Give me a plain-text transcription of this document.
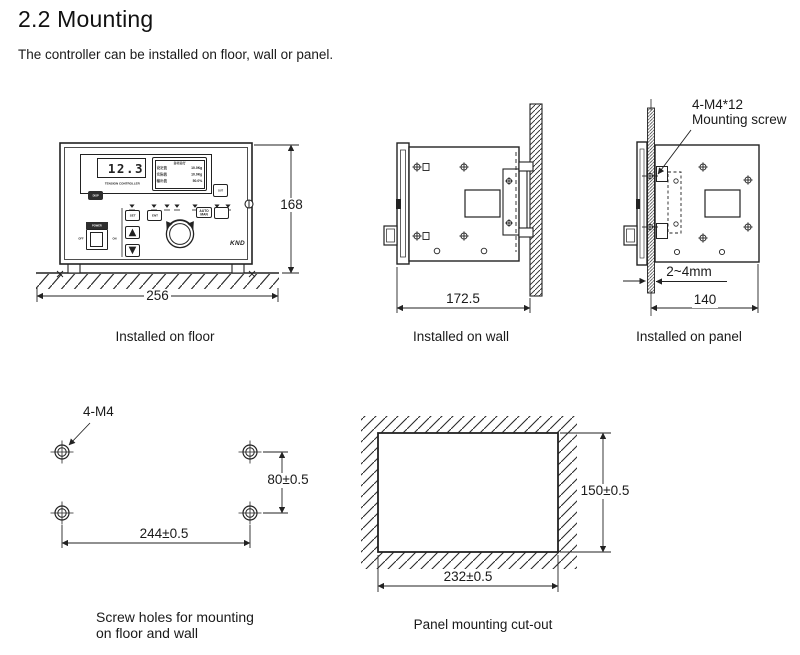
2.2 Mounting
The controller can be installed on floor, wall or panel.
12.3
TENSION CONTROLLER
自动运行
设定值 10.0Kg
实际值 10.0Kg
输出值	50.0%
DISP
OUT
SET ENT
▲
▼
AUTO MAN
POWER
OFF	ON
KND
168
256	172.5
4-M4*12
Mounting screw
2~4mm
140
4-M4
80±0.5
244±0.5
150±0.5
232±0.5
Installed on floor	Installed on wall	Installed on panel
Screw holes for mounting
on floor and wall
Panel mounting cut-out
